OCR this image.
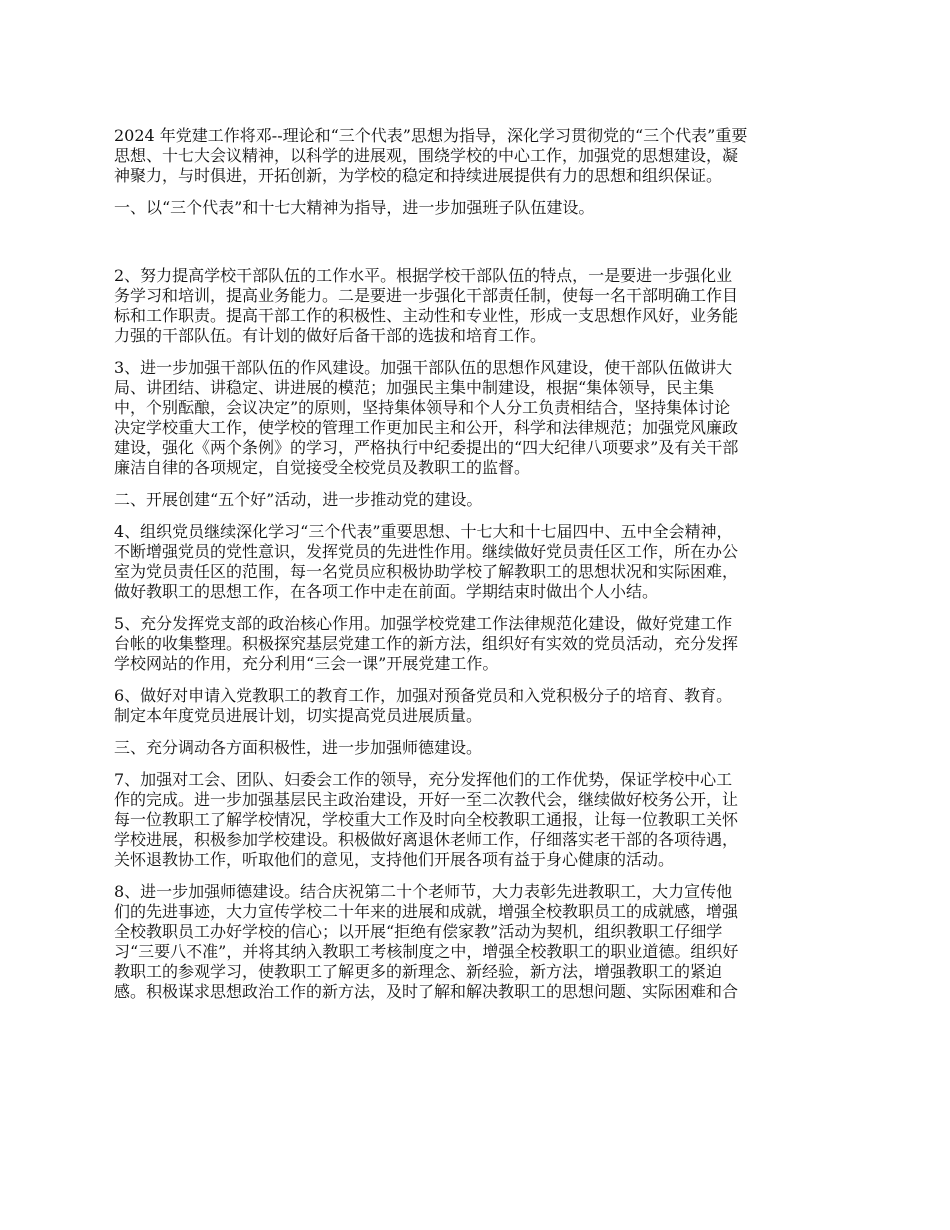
2024 年党建工作将邓--理论和“三个代表”思想为指导，深化学习贯彻党的“三个代表”重要
思想、十七大会议精神，以科学的进展观，围绕学校的中心工作，加强党的思想建设，凝
神聚力，与时俱进，开拓创新，为学校的稳定和持续进展提供有力的思想和组织保证。

一、以“三个代表”和十七大精神为指导，进一步加强班子队伍建设。

2、努力提高学校干部队伍的工作水平。根据学校干部队伍的特点，一是要进一步强化业
务学习和培训，提高业务能力。二是要进一步强化干部责任制，使每一名干部明确工作目
标和工作职责。提高干部工作的积极性、主动性和专业性，形成一支思想作风好，业务能
力强的干部队伍。有计划的做好后备干部的选拔和培育工作。

3、进一步加强干部队伍的作风建设。加强干部队伍的思想作风建设，使干部队伍做讲大
局、讲团结、讲稳定、讲进展的模范；加强民主集中制建设，根据“集体领导，民主集
中，个别酝酿，会议决定”的原则，坚持集体领导和个人分工负责相结合，坚持集体讨论
决定学校重大工作，使学校的管理工作更加民主和公开，科学和法律规范；加强党风廉政
建设，强化《两个条例》的学习，严格执行中纪委提出的“四大纪律八项要求”及有关干部
廉洁自律的各项规定，自觉接受全校党员及教职工的监督。

二、开展创建“五个好”活动，进一步推动党的建设。

4、组织党员继续深化学习“三个代表”重要思想、十七大和十七届四中、五中全会精神，
不断增强党员的党性意识，发挥党员的先进性作用。继续做好党员责任区工作，所在办公
室为党员责任区的范围，每一名党员应积极协助学校了解教职工的思想状况和实际困难，
做好教职工的思想工作，在各项工作中走在前面。学期结束时做出个人小结。

5、充分发挥党支部的政治核心作用。加强学校党建工作法律规范化建设，做好党建工作
台帐的收集整理。积极探究基层党建工作的新方法，组织好有实效的党员活动，充分发挥
学校网站的作用，充分利用“三会一课”开展党建工作。

6、做好对申请入党教职工的教育工作，加强对预备党员和入党积极分子的培育、教育。
制定本年度党员进展计划，切实提高党员进展质量。

三、充分调动各方面积极性，进一步加强师德建设。

7、加强对工会、团队、妇委会工作的领导，充分发挥他们的工作优势，保证学校中心工
作的完成。进一步加强基层民主政治建设，开好一至二次教代会，继续做好校务公开，让
每一位教职工了解学校情况，学校重大工作及时向全校教职工通报，让每一位教职工关怀
学校进展，积极参加学校建设。积极做好离退休老师工作，仔细落实老干部的各项待遇，
关怀退教协工作，听取他们的意见，支持他们开展各项有益于身心健康的活动。

8、进一步加强师德建设。结合庆祝第二十个老师节，大力表彰先进教职工，大力宣传他
们的先进事迹，大力宣传学校二十年来的进展和成就，增强全校教职员工的成就感，增强
全校教职员工办好学校的信心；以开展“拒绝有偿家教”活动为契机，组织教职工仔细学
习“三要八不准”，并将其纳入教职工考核制度之中，增强全校教职工的职业道德。组织好
教职工的参观学习，使教职工了解更多的新理念、新经验，新方法，增强教职工的紧迫
感。积极谋求思想政治工作的新方法，及时了解和解决教职工的思想问题、实际困难和合
